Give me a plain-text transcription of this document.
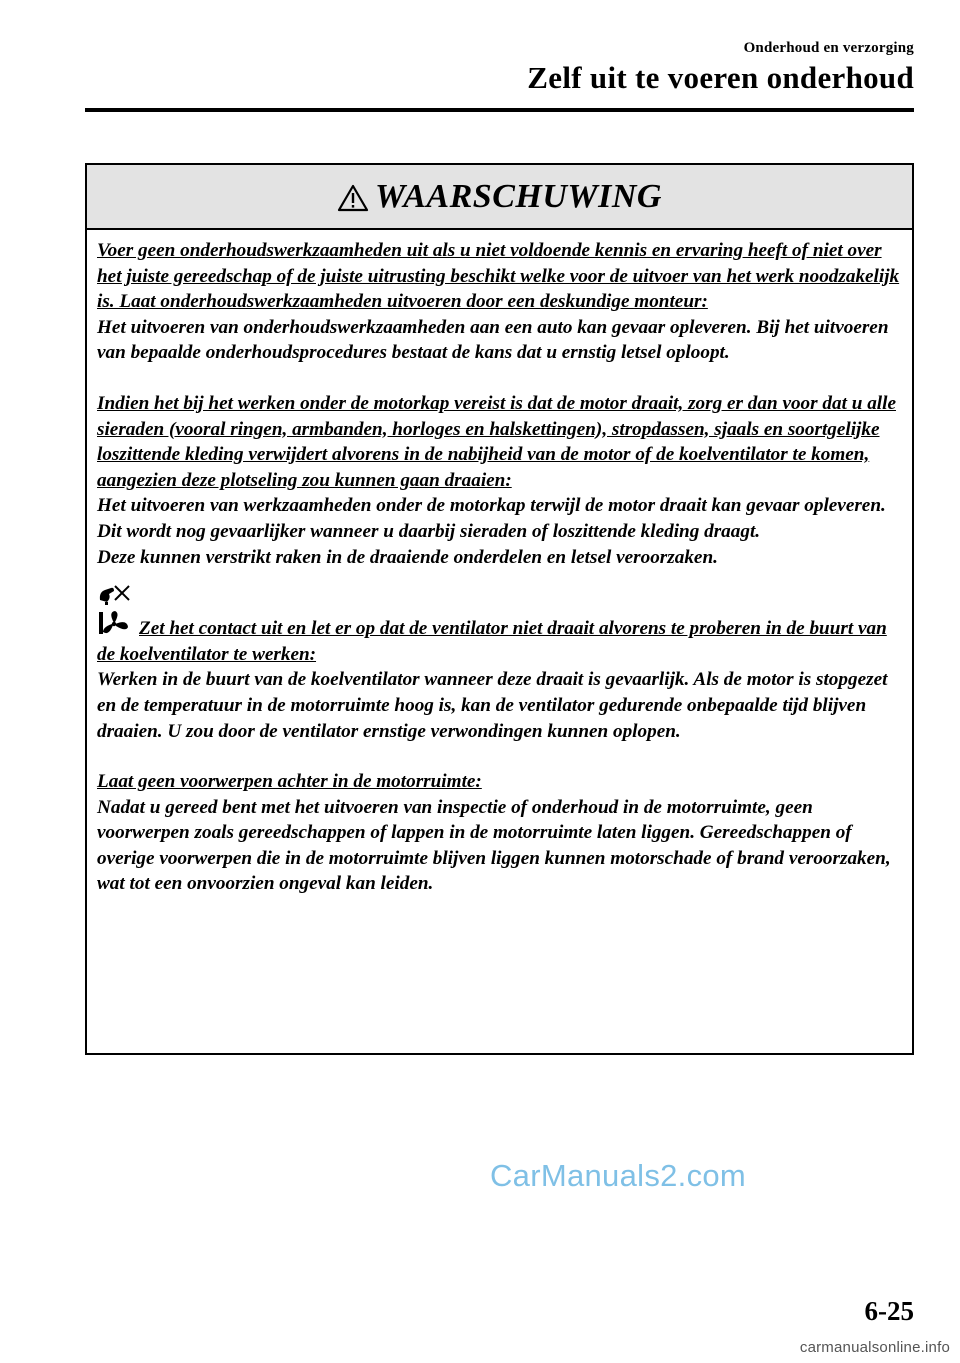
Onderhoud en verzorging
Zelf uit te voeren onderhoud
WAARSCHUWING

Voer geen onderhoudswerkzaamheden uit als u niet voldoende kennis en ervaring heeft of niet over het juiste gereedschap of de juiste uitrusting beschikt welke voor de uitvoer van het werk noodzakelijk is. Laat onderhoudswerkzaamheden uitvoeren door een deskundige monteur:

Het uitvoeren van onderhoudswerkzaamheden aan een auto kan gevaar opleveren. Bij het uitvoeren van bepaalde onderhoudsprocedures bestaat de kans dat u ernstig letsel oploopt.

Indien het bij het werken onder de motorkap vereist is dat de motor draait, zorg er dan voor dat u alle sieraden (vooral ringen, armbanden, horloges en halskettingen), stropdassen, sjaals en soortgelijke loszittende kleding verwijdert alvorens in de nabijheid van de motor of de koelventilator te komen, aangezien deze plotseling zou kunnen gaan draaien:

Het uitvoeren van werkzaamheden onder de motorkap terwijl de motor draait kan gevaar opleveren. Dit wordt nog gevaarlijker wanneer u daarbij sieraden of loszittende kleding draagt.

Deze kunnen verstrikt raken in de draaiende onderdelen en letsel veroorzaken.

Zet het contact uit en let er op dat de ventilator niet draait alvorens te proberen in de buurt van de koelventilator te werken:

Werken in de buurt van de koelventilator wanneer deze draait is gevaarlijk. Als de motor is stopgezet en de temperatuur in de motorruimte hoog is, kan de ventilator gedurende onbepaalde tijd blijven draaien. U zou door de ventilator ernstige verwondingen kunnen oplopen.

Laat geen voorwerpen achter in de motorruimte:

Nadat u gereed bent met het uitvoeren van inspectie of onderhoud in de motorruimte, geen voorwerpen zoals gereedschappen of lappen in de motorruimte laten liggen. Gereedschappen of overige voorwerpen die in de motorruimte blijven liggen kunnen motorschade of brand veroorzaken, wat tot een onvoorzien ongeval kan leiden.

CarManuals2.com
6-25
carmanualsonline.info
